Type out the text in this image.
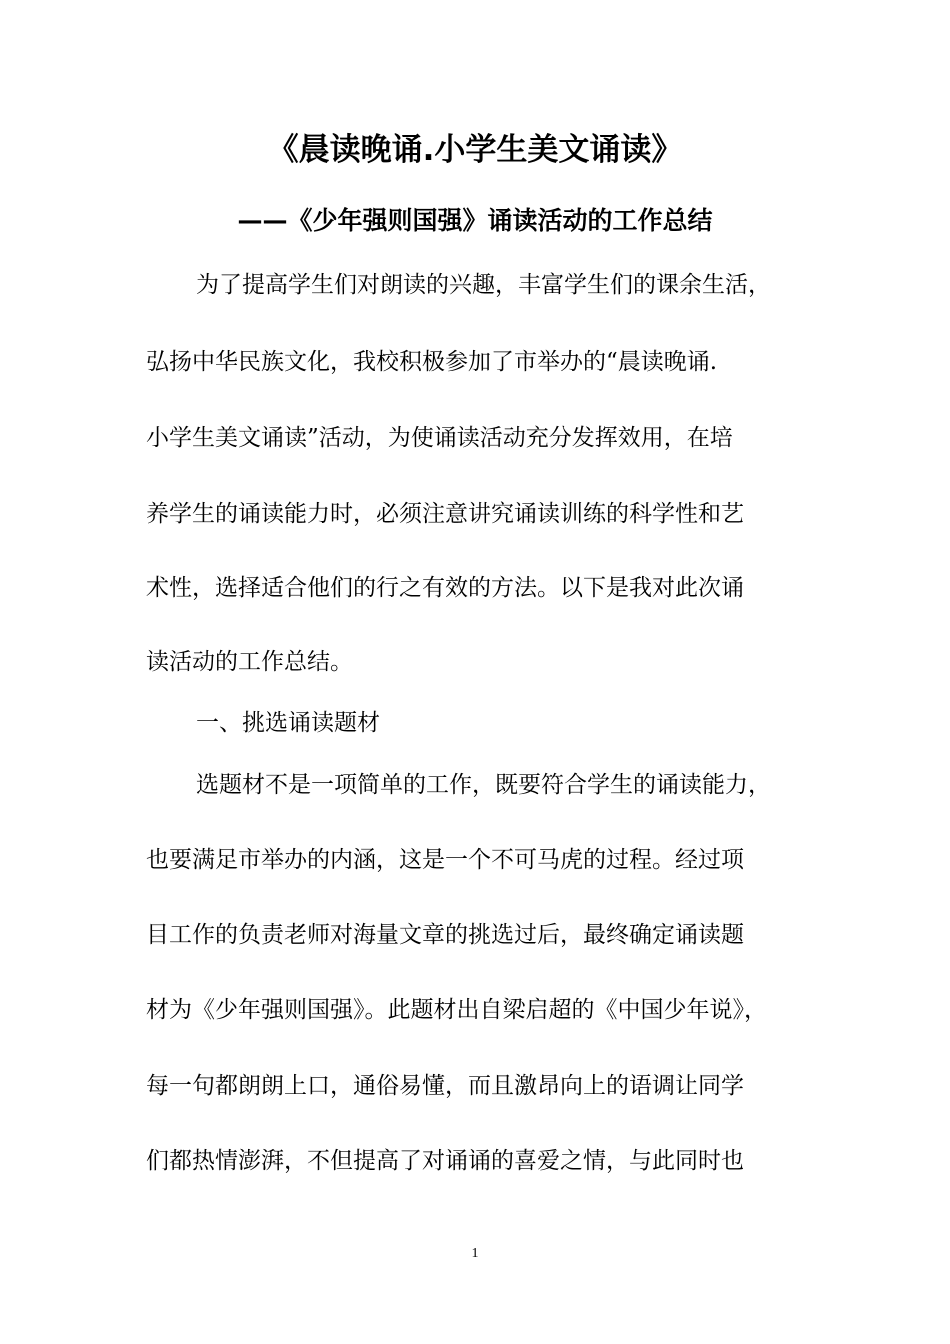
《晨读晚诵.小学生美文诵读》
——《少年强则国强》诵读活动的工作总结

为了提高学生们对朗读的兴趣，丰富学生们的课余生活，

弘扬中华民族文化，我校积极参加了市举办的“晨读晚诵.

小学生美文诵读”活动，为使诵读活动充分发挥效用，在培

养学生的诵读能力时，必须注意讲究诵读训练的科学性和艺

术性，选择适合他们的行之有效的方法。以下是我对此次诵

读活动的工作总结。

一、挑选诵读题材

选题材不是一项简单的工作，既要符合学生的诵读能力，

也要满足市举办的内涵，这是一个不可马虎的过程。经过项

目工作的负责老师对海量文章的挑选过后，最终确定诵读题

材为《少年强则国强》。此题材出自梁启超的《中国少年说》，

每一句都朗朗上口，通俗易懂，而且激昂向上的语调让同学

们都热情澎湃，不但提高了对诵诵的喜爱之情，与此同时也

1
